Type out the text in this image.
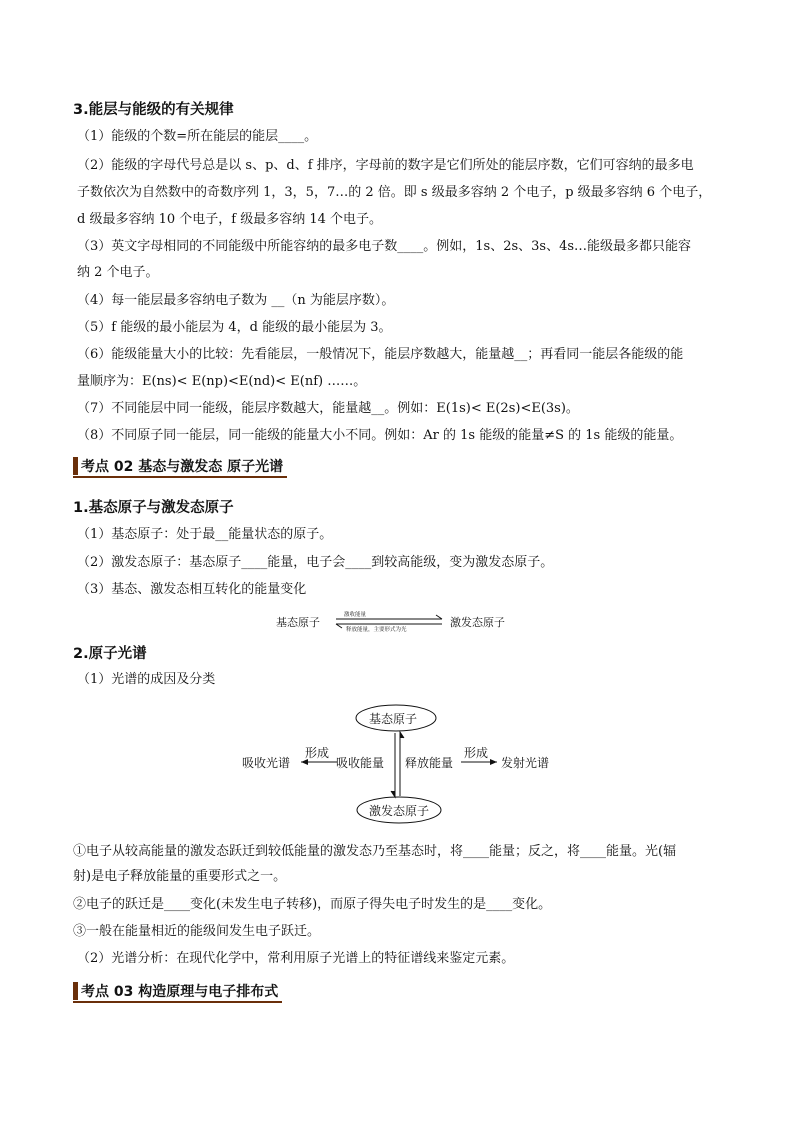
3.能层与能级的有关规律
（1）能级的个数=所在能层的能层____。
（2）能级的字母代号总是以 s、p、d、f 排序，字母前的数字是它们所处的能层序数，它们可容纳的最多电
子数依次为自然数中的奇数序列 1，3，5，7…的 2 倍。即 s 级最多容纳 2 个电子，p 级最多容纳 6 个电子，
d 级最多容纳 10 个电子，f 级最多容纳 14 个电子。
（3）英文字母相同的不同能级中所能容纳的最多电子数____。例如，1s、2s、3s、4s…能级最多都只能容
纳 2 个电子。
（4）每一能层最多容纳电子数为 __（n 为能层序数）。
（5）f 能级的最小能层为 4，d 能级的最小能层为 3。
（6）能级能量大小的比较：先看能层，一般情况下，能层序数越大，能量越__；再看同一能层各能级的能
量顺序为：E(ns)< E(np)<E(nd)< E(nf) ……。
（7）不同能层中同一能级，能层序数越大，能量越__。例如：E(1s)< E(2s)<E(3s)。
（8）不同原子同一能层，同一能级的能量大小不同。例如：Ar 的 1s 能级的能量≠S 的 1s 能级的能量。
考点 02 基态与激发态 原子光谱
1.基态原子与激发态原子
（1）基态原子：处于最__能量状态的原子。
（2）激发态原子：基态原子____能量，电子会____到较高能级，变为激发态原子。
（3）基态、激发态相互转化的能量变化
基态原子
激收能量
释放能量，主要形式为光
激发态原子
2.原子光谱
（1）光谱的成因及分类
基态原子
激发态原子
吸收能量 释放能量
吸收光谱	发射光谱
形成	形成
①电子从较高能量的激发态跃迁到较低能量的激发态乃至基态时，将____能量；反之，将____能量。光(辐
射)是电子释放能量的重要形式之一。
②电子的跃迁是____变化(未发生电子转移)，而原子得失电子时发生的是____变化。
③一般在能量相近的能级间发生电子跃迁。
（2）光谱分析：在现代化学中，常利用原子光谱上的特征谱线来鉴定元素。
考点 03 构造原理与电子排布式
